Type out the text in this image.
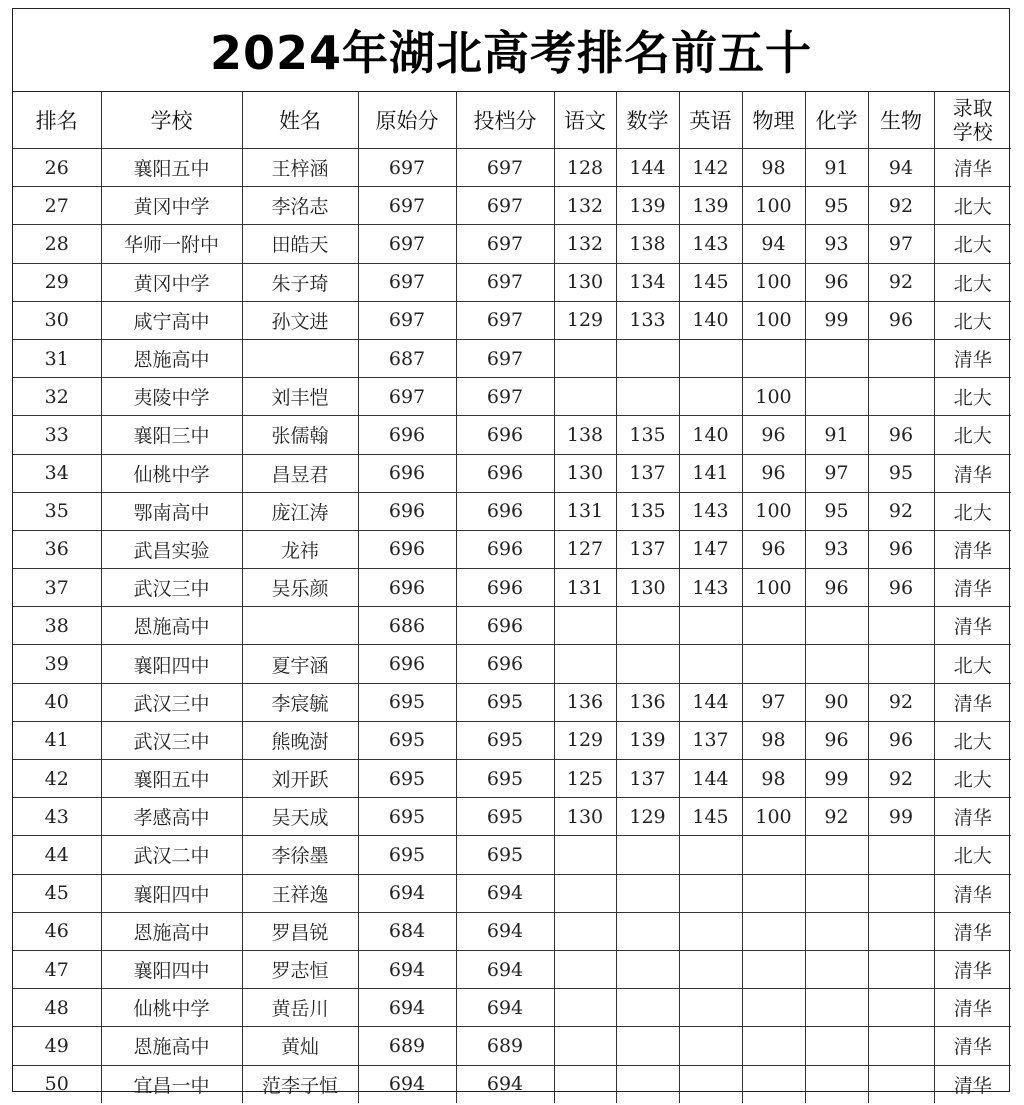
2024年湖北高考排名前五十
排名	学校	姓名	原始分	投档分	语文	数学	英语	物理	化学	生物	录取
学校
26	襄阳五中	王梓涵	697	697	128	144	142	98	91	94	清华
27	黄冈中学	李洺志	697	697	132	139	139	100	95	92	北大
28	华师一附中	田皓天	697	697	132	138	143	94	93	97	北大
29	黄冈中学	朱子琦	697	697	130	134	145	100	96	92	北大
30	咸宁高中	孙文进	697	697	129	133	140	100	99	96	北大
31	恩施高中		687	697							清华
32	夷陵中学	刘丰恺	697	697				100			北大
33	襄阳三中	张儒翰	696	696	138	135	140	96	91	96	北大
34	仙桃中学	昌昱君	696	696	130	137	141	96	97	95	清华
35	鄂南高中	庞江涛	696	696	131	135	143	100	95	92	北大
36	武昌实验	龙祎	696	696	127	137	147	96	93	96	清华
37	武汉三中	吴乐颜	696	696	131	130	143	100	96	96	清华
38	恩施高中		686	696							清华
39	襄阳四中	夏宇涵	696	696							北大
40	武汉三中	李宸毓	695	695	136	136	144	97	90	92	清华
41	武汉三中	熊晚澍	695	695	129	139	137	98	96	96	北大
42	襄阳五中	刘开跃	695	695	125	137	144	98	99	92	北大
43	孝感高中	吴天成	695	695	130	129	145	100	92	99	清华
44	武汉二中	李徐墨	695	695							北大
45	襄阳四中	王祥逸	694	694							清华
46	恩施高中	罗昌锐	684	694							清华
47	襄阳四中	罗志恒	694	694							清华
48	仙桃中学	黄岳川	694	694							清华
49	恩施高中	黄灿	689	689							清华
50	宜昌一中	范李子恒	694	694							清华
